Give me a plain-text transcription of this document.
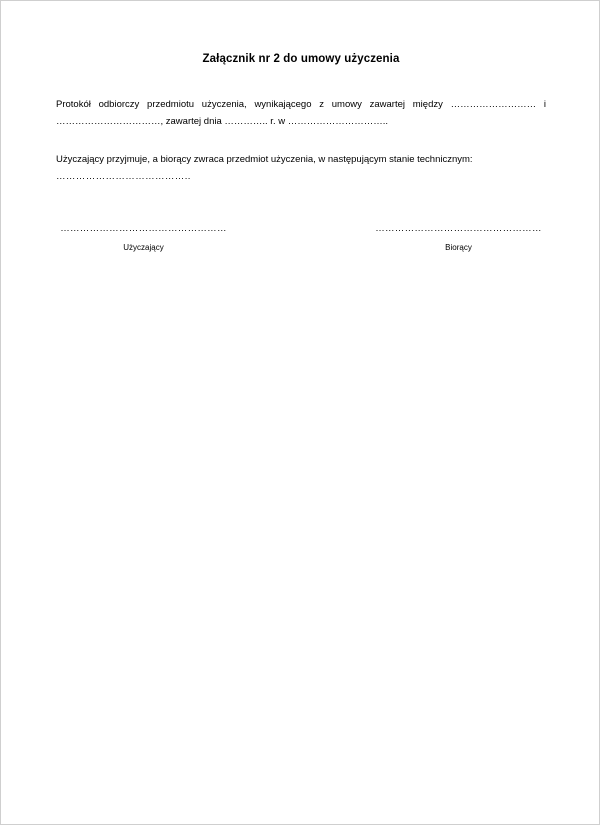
Załącznik nr 2 do umowy użyczenia

Protokół odbiorczy przedmiotu użyczenia, wynikającego z umowy zawartej między ……………………… i ……………………………, zawartej dnia ………….. r. w …………………………..

Użyczający przyjmuje, a biorący zwraca przedmiot użyczenia, w następującym stanie technicznym:

…………………………………..
……………………………………………
Użyczający
……………………………………………
Biorący
